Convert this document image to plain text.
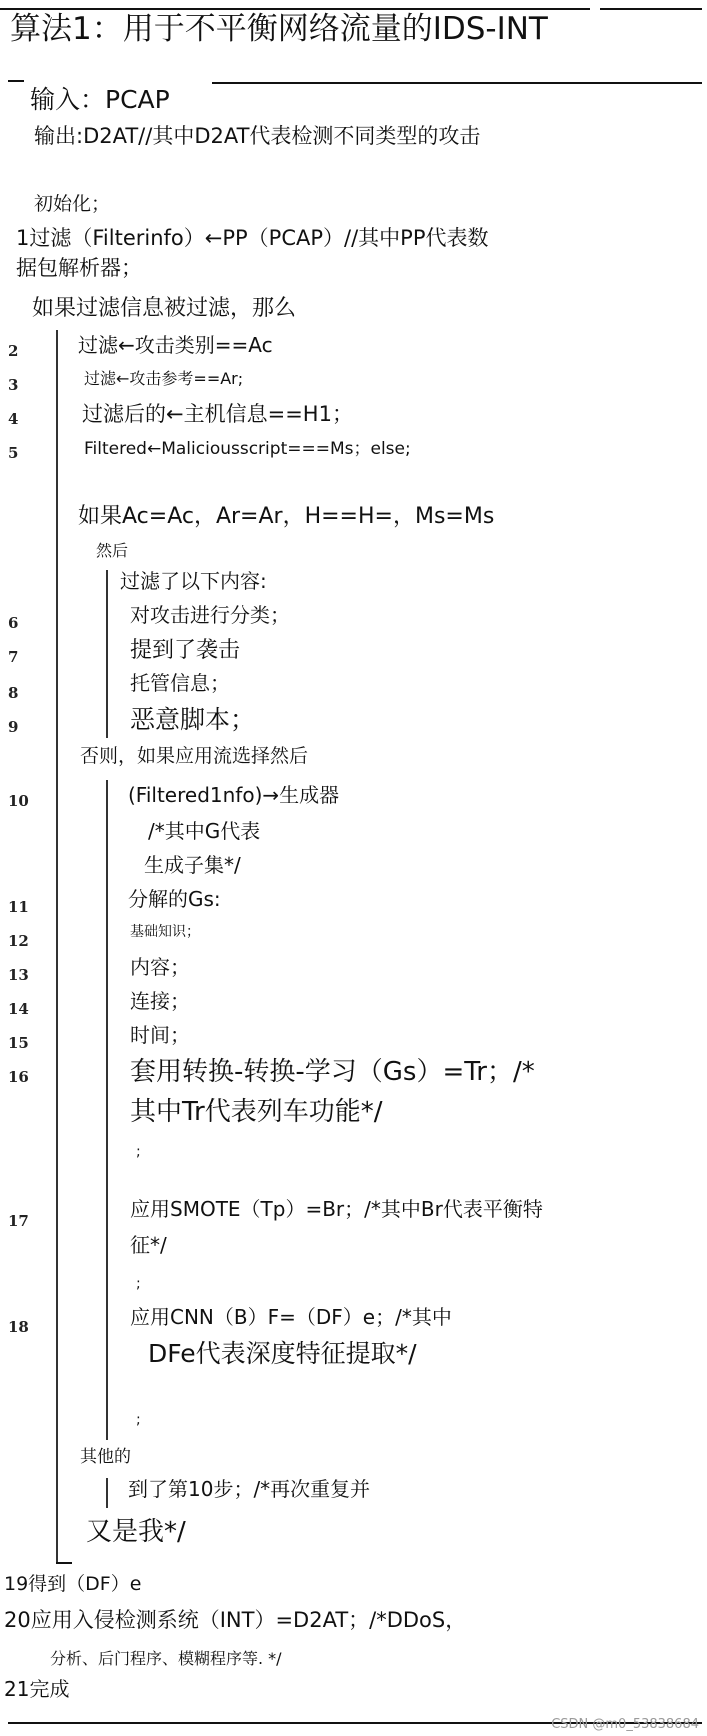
算法1：用于不平衡网络流量的IDS-INT
输入：PCAP
输出:D2AT//其中D2AT代表检测不同类型的攻击
初始化；
1过滤（Filterinfo）←PP（PCAP）//其中PP代表数
据包解析器；
如果过滤信息被过滤，那么
2	过滤←攻击类别==Ac
3	过滤←攻击参考==Ar;
4	过滤后的←主机信息==H1；
5	Filtered←Maliciousscript===Ms；else;
如果Ac=Ac，Ar=Ar，H==H=，Ms=Ms
然后
过滤了以下内容:
6	对攻击进行分类；
7	提到了袭击
8	托管信息；
9	恶意脚本；
否则，如果应用流选择然后
10	(Filtered1nfo)→生成器
/*其中G代表
生成子集*/
11	分解的Gs:
12	基础知识；
13	内容；
14	连接；
15	时间；
16	套用转换-转换-学习（Gs）=Tr；/*
其中Tr代表列车功能*/
;
17	应用SMOTE（Tp）=Br；/*其中Br代表平衡特
征*/
;
18	应用CNN（B）F=（DF）e；/*其中
DFe代表深度特征提取*/
;
其他的
到了第10步；/*再次重复并
又是我*/
19得到（DF）e
20应用入侵检测系统（INT）=D2AT；/*DDoS，
分析、后门程序、模糊程序等. */
21完成
CSDN @m0_53838684
